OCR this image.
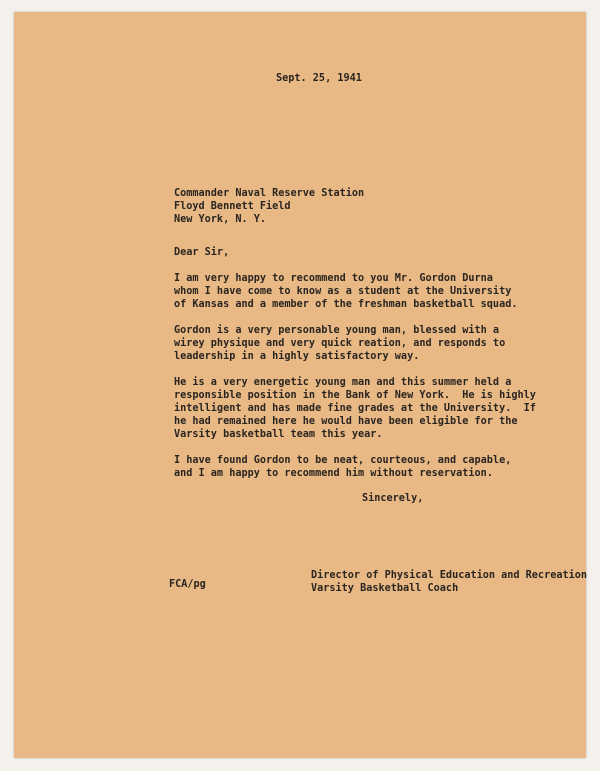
Sept. 25, 1941
Commander Naval Reserve Station
Floyd Bennett Field
New York, N. Y.
Dear Sir,
I am very happy to recommend to you Mr. Gordon Durna
whom I have come to know as a student at the University
of Kansas and a member of the freshman basketball squad.
Gordon is a very personable young man, blessed with a
wirey physique and very quick reation, and responds to
leadership in a highly satisfactory way.
He is a very energetic young man and this summer held a
responsible position in the Bank of New York.  He is highly
intelligent and has made fine grades at the University.  If
he had remained here he would have been eligible for the
Varsity basketball team this year.
I have found Gordon to be neat, courteous, and capable,
and I am happy to recommend him without reservation.
Sincerely,
FCA/pg
Director of Physical Education and Recreation
Varsity Basketball Coach
